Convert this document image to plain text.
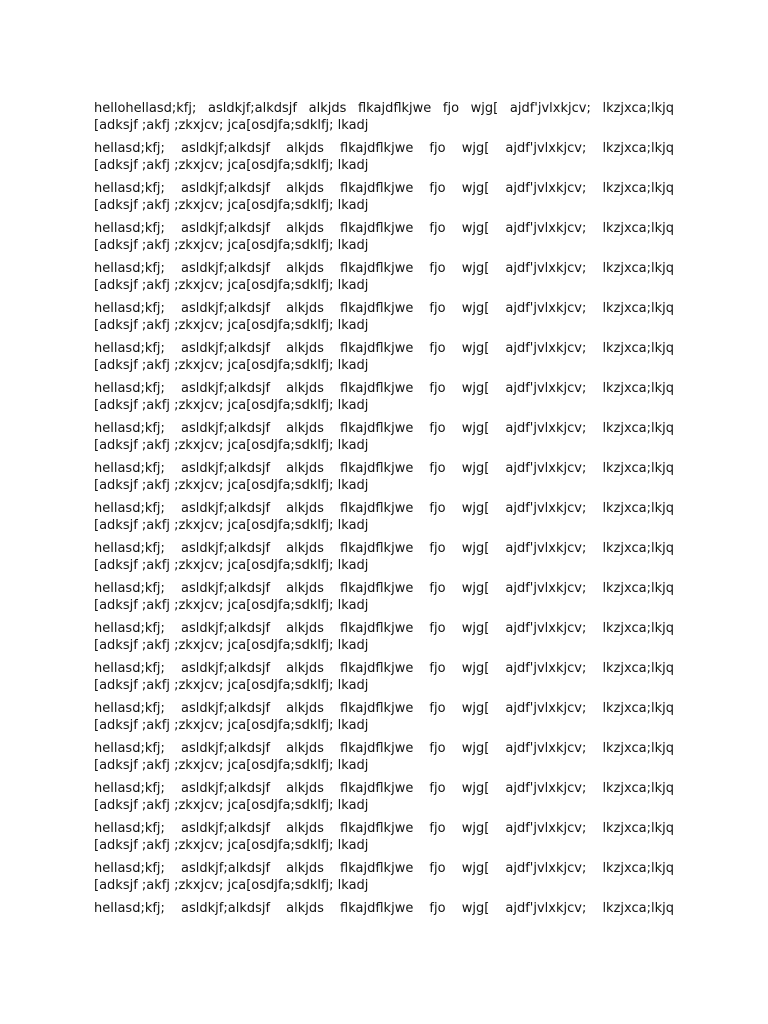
hellohellasd;kfj; asldkjf;alkdsjf alkjds flkajdflkjwe fjo wjg[ ajdf'jvlxkjcv; lkzjxca;lkjq
[adksjf ;akfj ;zkxjcv; jca[osdjfa;sdklfj; lkadj

hellasd;kfj; asldkjf;alkdsjf alkjds flkajdflkjwe fjo wjg[ ajdf'jvlxkjcv; lkzjxca;lkjq
[adksjf ;akfj ;zkxjcv; jca[osdjfa;sdklfj; lkadj

hellasd;kfj; asldkjf;alkdsjf alkjds flkajdflkjwe fjo wjg[ ajdf'jvlxkjcv; lkzjxca;lkjq
[adksjf ;akfj ;zkxjcv; jca[osdjfa;sdklfj; lkadj

hellasd;kfj; asldkjf;alkdsjf alkjds flkajdflkjwe fjo wjg[ ajdf'jvlxkjcv; lkzjxca;lkjq
[adksjf ;akfj ;zkxjcv; jca[osdjfa;sdklfj; lkadj

hellasd;kfj; asldkjf;alkdsjf alkjds flkajdflkjwe fjo wjg[ ajdf'jvlxkjcv; lkzjxca;lkjq
[adksjf ;akfj ;zkxjcv; jca[osdjfa;sdklfj; lkadj

hellasd;kfj; asldkjf;alkdsjf alkjds flkajdflkjwe fjo wjg[ ajdf'jvlxkjcv; lkzjxca;lkjq
[adksjf ;akfj ;zkxjcv; jca[osdjfa;sdklfj; lkadj

hellasd;kfj; asldkjf;alkdsjf alkjds flkajdflkjwe fjo wjg[ ajdf'jvlxkjcv; lkzjxca;lkjq
[adksjf ;akfj ;zkxjcv; jca[osdjfa;sdklfj; lkadj

hellasd;kfj; asldkjf;alkdsjf alkjds flkajdflkjwe fjo wjg[ ajdf'jvlxkjcv; lkzjxca;lkjq
[adksjf ;akfj ;zkxjcv; jca[osdjfa;sdklfj; lkadj

hellasd;kfj; asldkjf;alkdsjf alkjds flkajdflkjwe fjo wjg[ ajdf'jvlxkjcv; lkzjxca;lkjq
[adksjf ;akfj ;zkxjcv; jca[osdjfa;sdklfj; lkadj

hellasd;kfj; asldkjf;alkdsjf alkjds flkajdflkjwe fjo wjg[ ajdf'jvlxkjcv; lkzjxca;lkjq
[adksjf ;akfj ;zkxjcv; jca[osdjfa;sdklfj; lkadj

hellasd;kfj; asldkjf;alkdsjf alkjds flkajdflkjwe fjo wjg[ ajdf'jvlxkjcv; lkzjxca;lkjq
[adksjf ;akfj ;zkxjcv; jca[osdjfa;sdklfj; lkadj

hellasd;kfj; asldkjf;alkdsjf alkjds flkajdflkjwe fjo wjg[ ajdf'jvlxkjcv; lkzjxca;lkjq
[adksjf ;akfj ;zkxjcv; jca[osdjfa;sdklfj; lkadj

hellasd;kfj; asldkjf;alkdsjf alkjds flkajdflkjwe fjo wjg[ ajdf'jvlxkjcv; lkzjxca;lkjq
[adksjf ;akfj ;zkxjcv; jca[osdjfa;sdklfj; lkadj

hellasd;kfj; asldkjf;alkdsjf alkjds flkajdflkjwe fjo wjg[ ajdf'jvlxkjcv; lkzjxca;lkjq
[adksjf ;akfj ;zkxjcv; jca[osdjfa;sdklfj; lkadj

hellasd;kfj; asldkjf;alkdsjf alkjds flkajdflkjwe fjo wjg[ ajdf'jvlxkjcv; lkzjxca;lkjq
[adksjf ;akfj ;zkxjcv; jca[osdjfa;sdklfj; lkadj

hellasd;kfj; asldkjf;alkdsjf alkjds flkajdflkjwe fjo wjg[ ajdf'jvlxkjcv; lkzjxca;lkjq
[adksjf ;akfj ;zkxjcv; jca[osdjfa;sdklfj; lkadj

hellasd;kfj; asldkjf;alkdsjf alkjds flkajdflkjwe fjo wjg[ ajdf'jvlxkjcv; lkzjxca;lkjq
[adksjf ;akfj ;zkxjcv; jca[osdjfa;sdklfj; lkadj

hellasd;kfj; asldkjf;alkdsjf alkjds flkajdflkjwe fjo wjg[ ajdf'jvlxkjcv; lkzjxca;lkjq
[adksjf ;akfj ;zkxjcv; jca[osdjfa;sdklfj; lkadj

hellasd;kfj; asldkjf;alkdsjf alkjds flkajdflkjwe fjo wjg[ ajdf'jvlxkjcv; lkzjxca;lkjq
[adksjf ;akfj ;zkxjcv; jca[osdjfa;sdklfj; lkadj

hellasd;kfj; asldkjf;alkdsjf alkjds flkajdflkjwe fjo wjg[ ajdf'jvlxkjcv; lkzjxca;lkjq
[adksjf ;akfj ;zkxjcv; jca[osdjfa;sdklfj; lkadj

hellasd;kfj; asldkjf;alkdsjf alkjds flkajdflkjwe fjo wjg[ ajdf'jvlxkjcv; lkzjxca;lkjq
